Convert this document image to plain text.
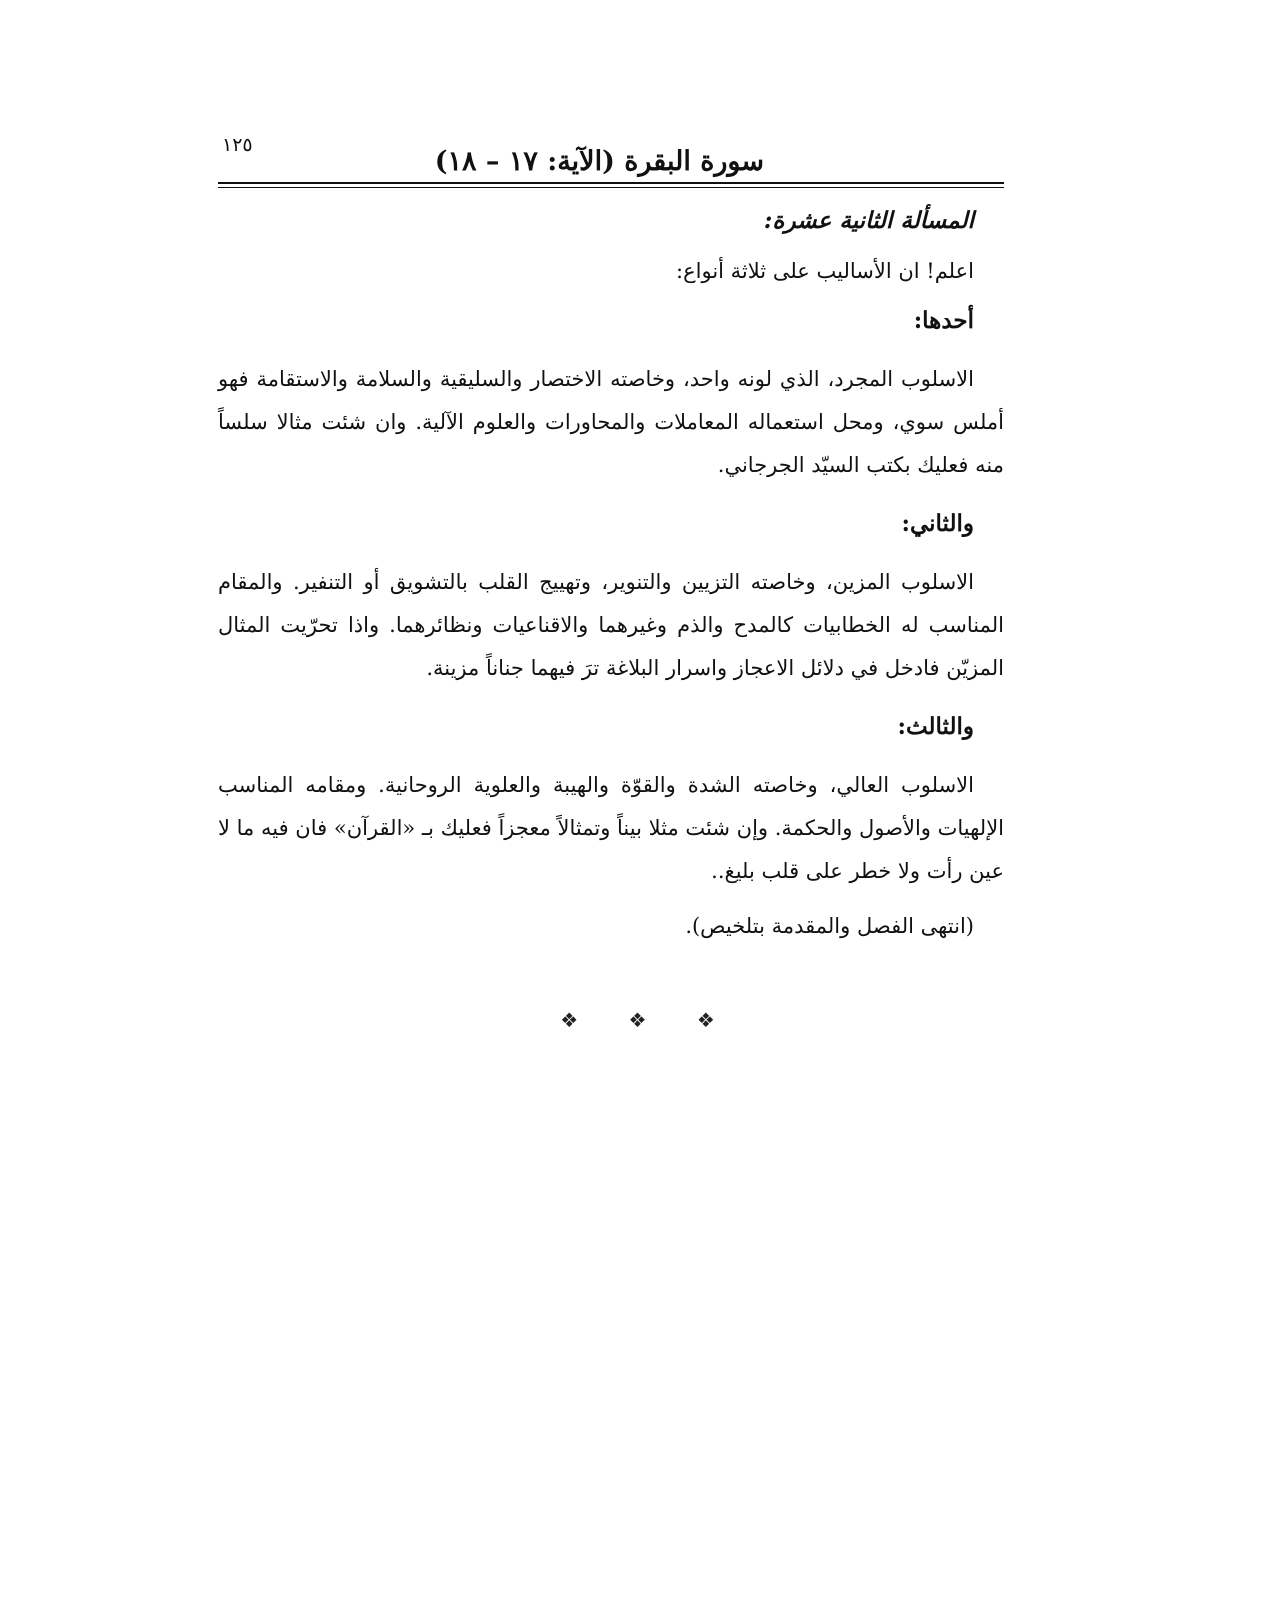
سورة البقرة (الآية: ١٧ – ١٨)
١٢٥

المسألة الثانية عشرة:

اعلم! ان الأساليب على ثلاثة أنواع:

أحدها:

الاسلوب المجرد، الذي لونه واحد، وخاصته الاختصار والسليقية والسلامة والاستقامة فهو أملس سوي، ومحل استعماله المعاملات والمحاورات والعلوم الآلية. وان شئت مثالا سلساً منه فعليك بكتب السيّد الجرجاني.

والثاني:

الاسلوب المزين، وخاصته التزيين والتنوير، وتهييج القلب بالتشويق أو التنفير. والمقام المناسب له الخطابيات كالمدح والذم وغيرهما والاقناعيات ونظائرهما. واذا تحرّيت المثال المزيّن فادخل في دلائل الاعجاز واسرار البلاغة ترَ فيهما جناناً مزينة.

والثالث:

الاسلوب العالي، وخاصته الشدة والقوّة والهيبة والعلوية الروحانية. ومقامه المناسب الإلهيات والأصول والحكمة. وإن شئت مثلا بيناً وتمثالاً معجزاً فعليك بـ «القرآن» فان فيه ما لا عين رأت ولا خطر على قلب بليغ..

(انتهى الفصل والمقدمة بتلخيص).

❖	❖	❖
